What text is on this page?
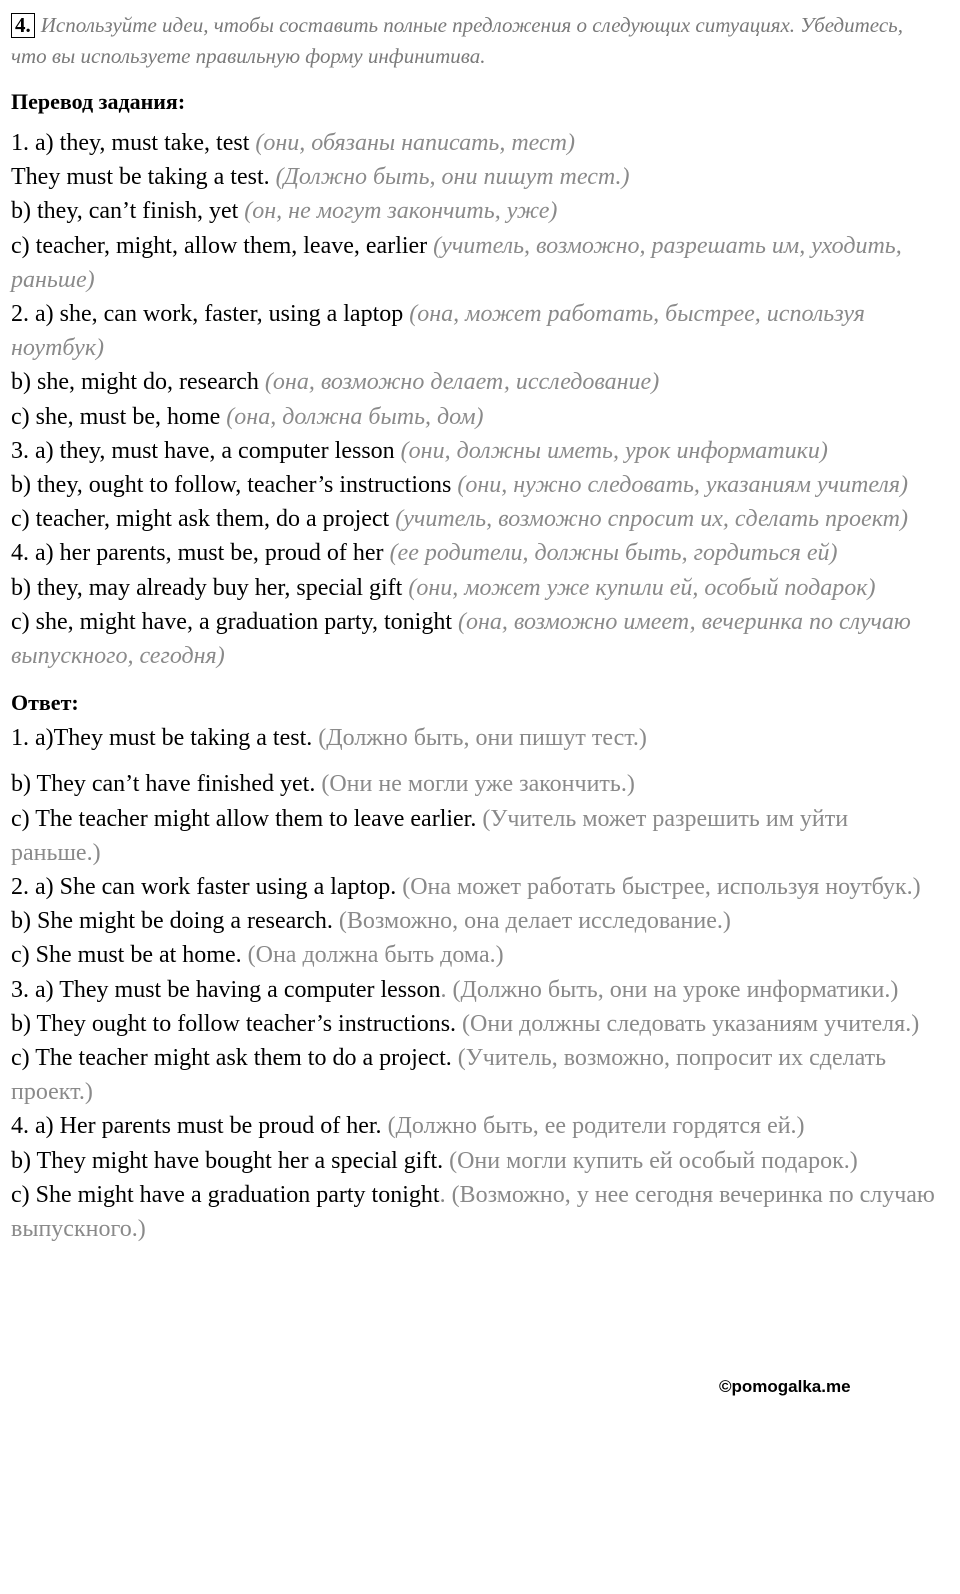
4. Используйте идеи, чтобы составить полные предложения о следующих ситуациях. Убедитесь, что вы используете правильную форму инфинитива.

Перевод задания:

1. a) they, must take, test (они, обязаны написать, тест)

They must be taking a test. (Должно быть, они пишут тест.)

b) they, can’t finish, yet (он, не могут закончить, уже)

c) teacher, might, allow them, leave, earlier (учитель, возможно, разрешать им, уходить, раньше)

2. a) she, can work, faster, using a laptop (она, может работать, быстрее, используя ноутбук)

b) she, might do, research (она, возможно делает, исследование)

c) she, must be, home (она, должна быть, дом)

3. a) they, must have, a computer lesson (они, должны иметь, урок информатики)

b) they, ought to follow, teacher’s instructions (они, нужно следовать, указаниям учителя)

c) teacher, might ask them, do a project (учитель, возможно спросит их, сделать проект)

4. a) her parents, must be, proud of her (ее родители, должны быть, гордиться ей)

b) they, may already buy her, special gift (они, может уже купили ей, особый подарок)

c) she, might have, a graduation party, tonight (она, возможно имеет, вечеринка по случаю выпускного, сегодня)

Ответ:

1. a)They must be taking a test. (Должно быть, они пишут тест.)

b) They can’t have finished yet. (Они не могли уже закончить.)

c) The teacher might allow them to leave earlier. (Учитель может разрешить им уйти раньше.)

2. a) She can work faster using a laptop. (Она может работать быстрее, используя ноутбук.)

b) She might be doing a research. (Возможно, она делает исследование.)

c) She must be at home. (Она должна быть дома.)

3. a) They must be having a computer lesson. (Должно быть, они на уроке информатики.)

b) They ought to follow teacher’s instructions. (Они должны следовать указаниям учителя.)

c) The teacher might ask them to do a project. (Учитель, возможно, попросит их сделать проект.)

4. a) Her parents must be proud of her. (Должно быть, ее родители гордятся ей.)

b) They might have bought her a special gift. (Они могли купить ей особый подарок.)

c) She might have a graduation party tonight. (Возможно, у нее сегодня вечеринка по случаю выпускного.)

©pomogalka.me
